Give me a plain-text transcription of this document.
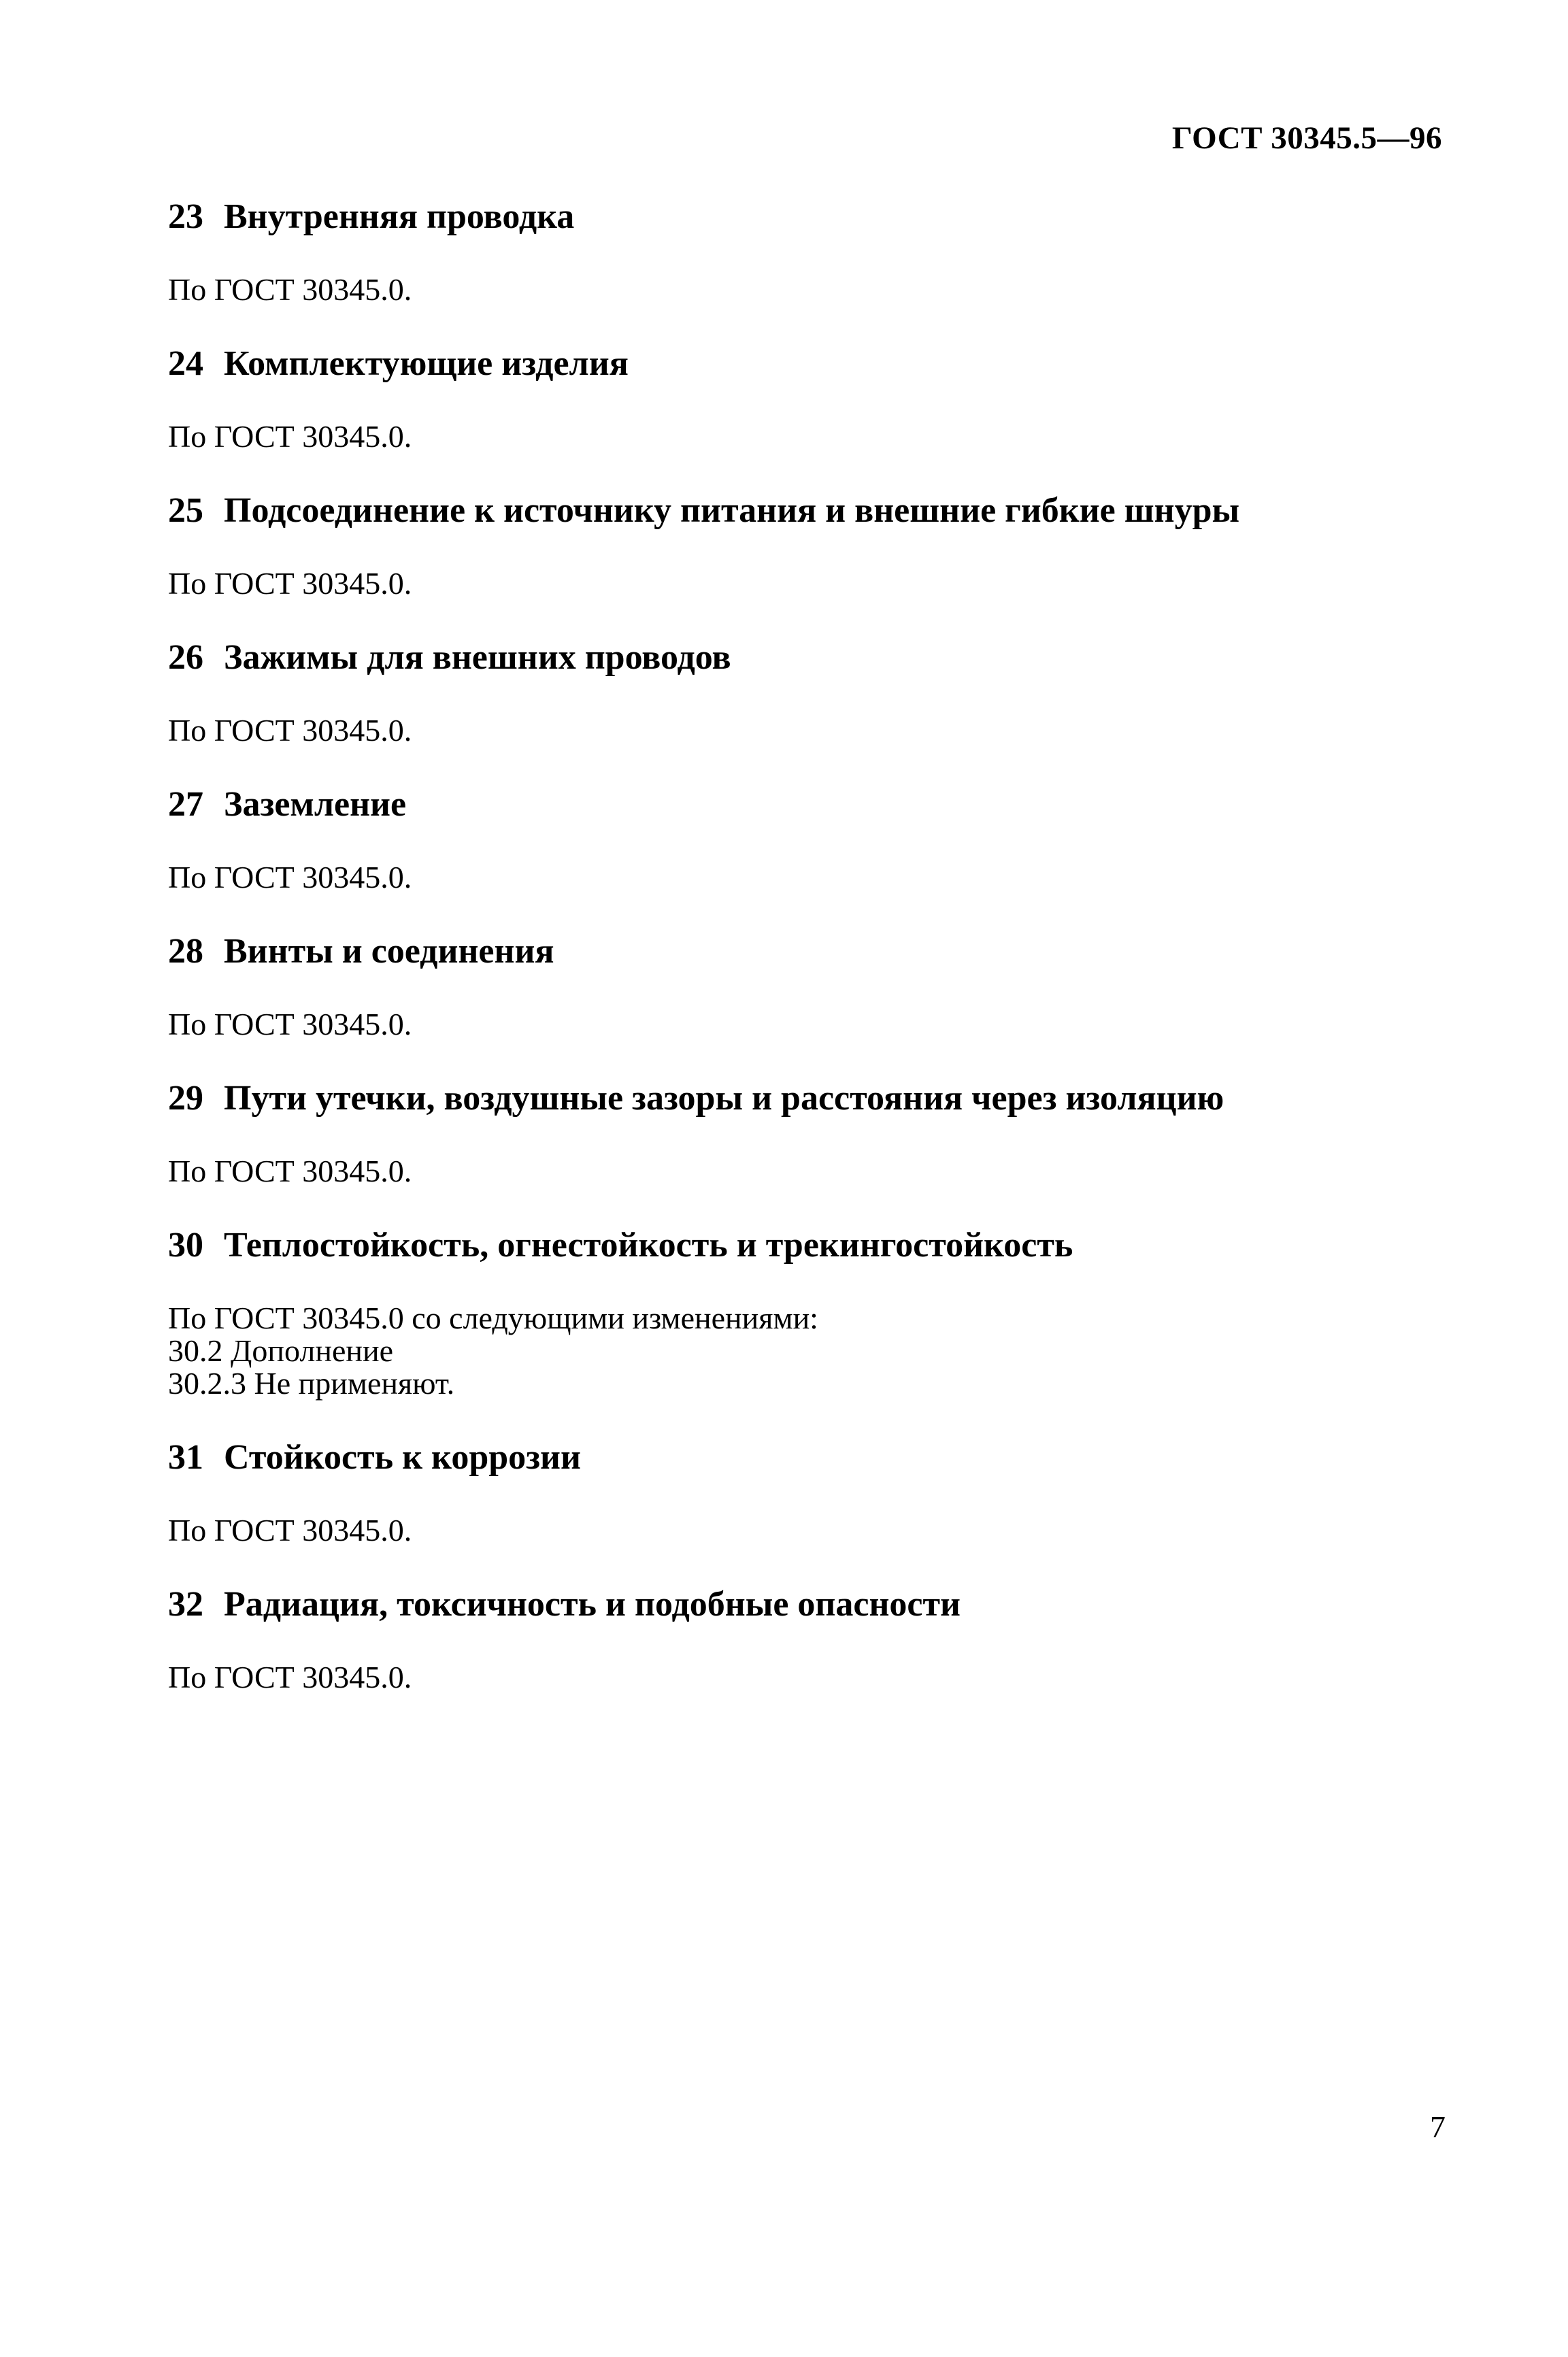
ГОСТ 30345.5—96
23 Внутренняя проводка
По ГОСТ 30345.0.
24 Комплектующие изделия
По ГОСТ 30345.0.
25 Подсоединение к источнику питания и внешние гибкие шнуры
По ГОСТ 30345.0.
26 Зажимы для внешних проводов
По ГОСТ 30345.0.
27 Заземление
По ГОСТ 30345.0.
28 Винты и соединения
По ГОСТ 30345.0.
29 Пути утечки, воздушные зазоры и расстояния через изоляцию
По ГОСТ 30345.0.
30 Теплостойкость, огнестойкость и трекингостойкость
По ГОСТ 30345.0 со следующими изменениями:
30.2 Дополнение
30.2.3 Не применяют.
31 Стойкость к коррозии
По ГОСТ 30345.0.
32 Радиация, токсичность и подобные опасности
По ГОСТ 30345.0.
7
